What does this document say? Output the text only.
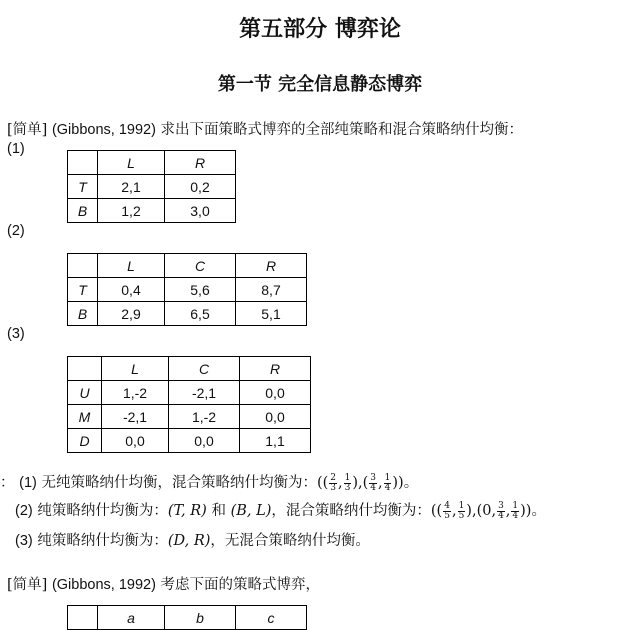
第五部分 博弈论
第一节 完全信息静态博弈
[简单] (Gibbons, 1992) 求出下面策略式博弈的全部纯策略和混合策略纳什均衡：
(1)
	L	R
T	2,1	0,2
B	1,2	3,0
(2)
	L	C	R
T	0,4	5,6	8,7
B	2,9	6,5	5,1
(3)
	L	C	R
U	1,-2	-2,1	0,0
M	-2,1	1,-2	0,0
D	0,0	0,0	1,1
： (1) 无纯策略纳什均衡，混合策略纳什均衡为：(( $\frac{2}{3}$ , $\frac{1}{3}$ ),( $\frac{3}{4}$ , $\frac{1}{4}$ ))。
(2) 纯策略纳什均衡为：(T, R) 和 (B, L)，混合策略纳什均衡为：(( $\frac{4}{5}$ , $\frac{1}{5} ),(0$, $\frac{3}{4}$ , $\frac{1}{4}$ ))。
(3) 纯策略纳什均衡为：(D, R)，无混合策略纳什均衡。
[简单] (Gibbons, 1992) 考虑下面的策略式博弈，
	a	b	c
